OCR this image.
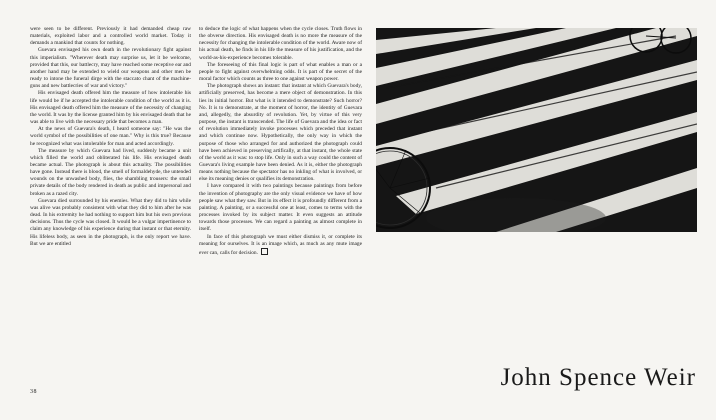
were seen to be different. Previously it had demanded cheap raw materials, exploited labor and a controlled world market. Today it demands a mankind that counts for nothing.

Guevara envisaged his own death in the revolutionary fight against this imperialism. "Wherever death may surprise us, let it be welcome, provided that this, our battlecry, may have reached some receptive ear and another hand may be extended to wield our weapons and other men be ready to intone the funeral dirge with the staccato chant of the machine-guns and new battlecries of war and victory."

His envisaged death offered him the measure of how intolerable his life would be if he accepted the intolerable condition of the world as it is. His envisaged death offered him the measure of the necessity of changing the world. It was by the license granted him by his envisaged death that he was able to live with the necessary pride that becomes a man.

At the news of Guevara's death, I heard someone say: "He was the world symbol of the possibilities of one man." Why is this true? Because he recognized what was intolerable for man and acted accordingly.

The measure by which Guevara had lived, suddenly became a unit which filled the world and obliterated his life. His envisaged death became actual. The photograph is about this actuality. The possibilities have gone. Instead there is blood, the smell of formaldehyde, the untended wounds on the unwashed body, flies, the shambling trousers: the small private details of the body rendered in death as public and impersonal and broken as a razed city.

Guevara died surrounded by his enemies. What they did to him while was alive was probably consistent with what they did to him after he was dead. In his extremity he had nothing to support him but his own previous decisions. Thus the cycle was closed. It would be a vulgar impertinence to claim any knowledge of his experience during that instant or that eternity. His lifeless body, as seen in the photograph, is the only report we have. But we are entitled

to deduce the logic of what happens when the cycle closes. Truth flows in the obverse direction. His envisaged death is no more the measure of the necessity for changing the intolerable condition of the world. Aware now of his actual death, he finds in his life the measure of his justification, and the world-as-his-experience becomes tolerable.

The foreseeing of this final logic is part of what enables a man or a people to fight against overwhelming odds. It is part of the secret of the moral factor which counts as three to one against weapon power.

The photograph shows an instant: that instant at which Guevara's body, artificially preserved, has become a mere object of demonstration. In this lies its initial horror. But what is it intended to demonstrate? Such horror? No. It is to demonstrate, at the moment of horror, the identity of Guevara and, allegedly, the absurdity of revolution. Yet, by virtue of this very purpose, the instant is transcended. The life of Guevara and the idea or fact of revolution immediately invoke processes which preceded that instant and which continue now. Hypothetically, the only way in which the purpose of those who arranged for and authorized the photograph could have been achieved in preserving artifically, at that instant, the whole state of the world as it was: to stop life. Only in such a way could the content of Guevara's living example have been denied. As it is, either the photograph means nothing because the spectator has no inkling of what is involved, or else its meaning denies or qualifies its demonstration.

I have compared it with two paintings because paintings from before the invention of photography are the only visual evidence we have of how people saw what they saw. But in its effect it is profoundly different from a painting. A painting, or a successful one at least, comes to terms with the processes invoked by its subject matter. It even suggests an attitude towards those processes. We can regard a painting as almost complete in itself.

In face of this photograph we must either dismiss it, or complete its meaning for ourselves. It is an image which, as much as any mute image ever can, calls for decision.

38
John Spence Weir
